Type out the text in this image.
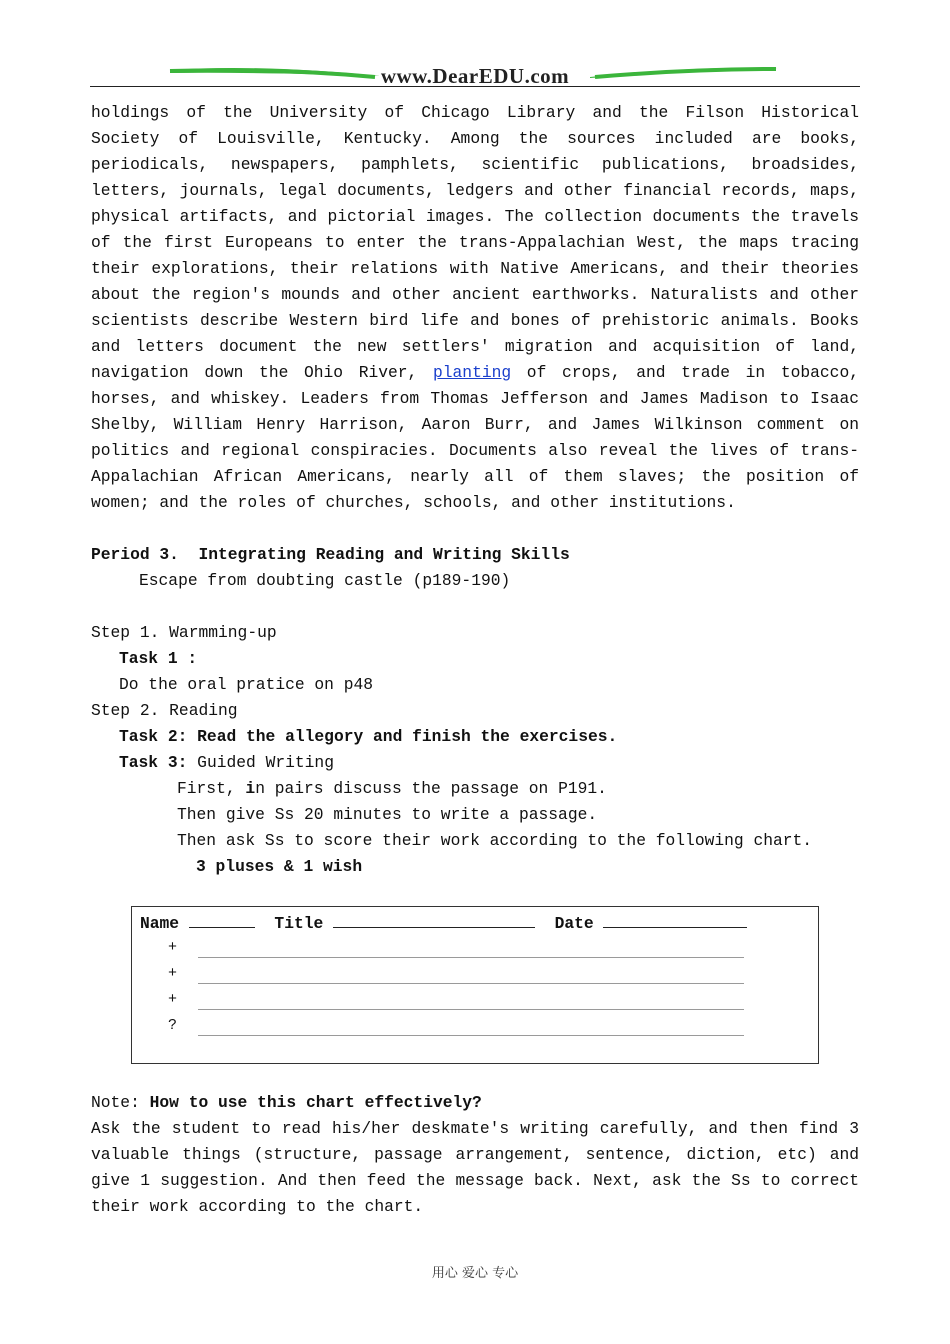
www.DearEDU.com
holdings of the University of Chicago Library and the Filson Historical Society of Louisville, Kentucky. Among the sources included are books, periodicals, newspapers, pamphlets, scientific publications, broadsides, letters, journals, legal documents, ledgers and other financial records, maps, physical artifacts, and pictorial images. The collection documents the travels of the first Europeans to enter the trans-Appalachian West, the maps tracing their explorations, their relations with Native Americans, and their theories about the region's mounds and other ancient earthworks. Naturalists and other scientists describe Western bird life and bones of prehistoric animals. Books and letters document the new settlers' migration and acquisition of land, navigation down the Ohio River, planting of crops, and trade in tobacco, horses, and whiskey. Leaders from Thomas Jefferson and James Madison to Isaac Shelby, William Henry Harrison, Aaron Burr, and James Wilkinson comment on politics and regional conspiracies. Documents also reveal the lives of trans-Appalachian African Americans, nearly all of them slaves; the position of women; and the roles of churches, schools, and other institutions.
Period 3.  Integrating Reading and Writing Skills
Escape from doubting castle (p189-190)
Step 1. Warmming-up
Task 1 :
Do the oral pratice on p48
Step 2. Reading
Task 2: Read the allegory and finish the exercises.
Task 3: Guided Writing
First, in pairs discuss the passage on P191.
Then give Ss 20 minutes to write a passage.
Then ask Ss to score their work according to the following chart.
3 pluses & 1 wish
Name	Title	Date
+
+
+
?
Note: How to use this chart effectively?
Ask the student to read his/her deskmate's writing carefully, and then find 3 valuable things (structure, passage arrangement, sentence, diction, etc) and give 1 suggestion. And then feed the message back. Next, ask the Ss to correct their work according to the chart.
用心 爱心 专心
